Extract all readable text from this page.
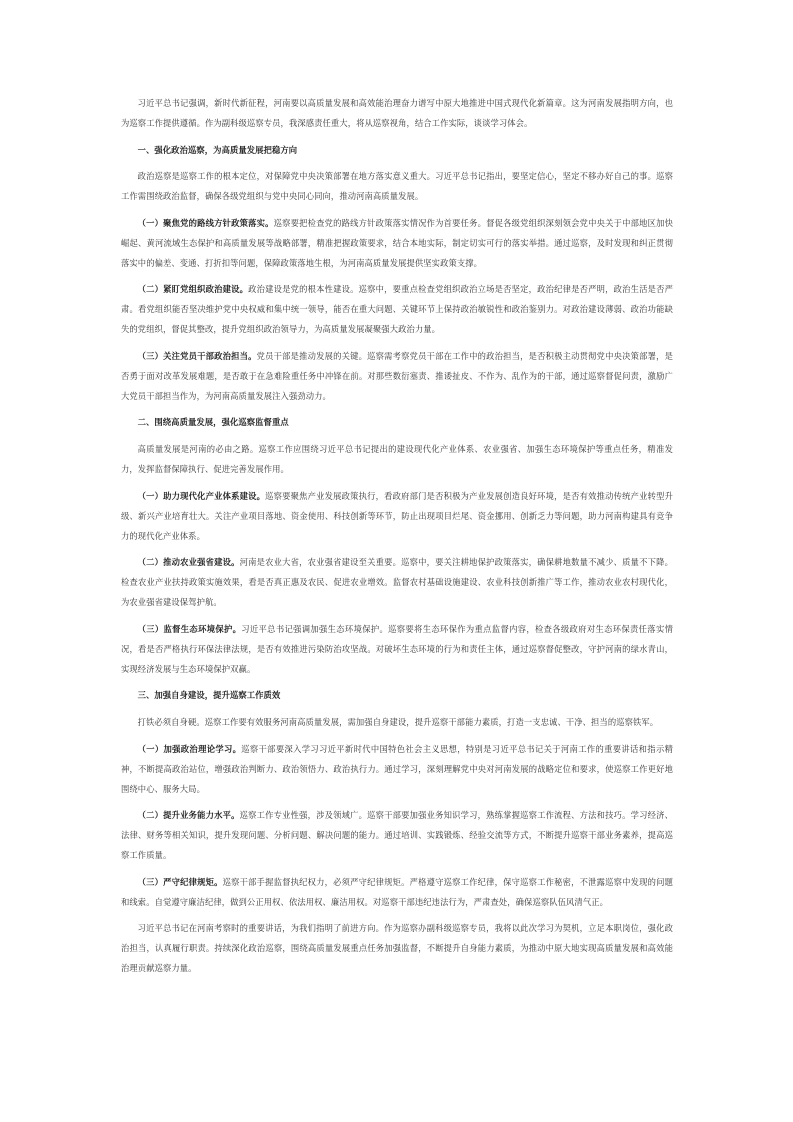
习近平总书记强调，新时代新征程，河南要以高质量发展和高效能治理奋力谱写中原大地推进中国式现代化新篇章。这为河南发展指明方向，也为巡察工作提供遵循。作为副科级巡察专员，我深感责任重大，将从巡察视角，结合工作实际，谈谈学习体会。

一、强化政治巡察，为高质量发展把稳方向

政治巡察是巡察工作的根本定位，对保障党中央决策部署在地方落实意义重大。习近平总书记指出，要坚定信心，坚定不移办好自己的事。巡察工作需围绕政治监督，确保各级党组织与党中央同心同向，推动河南高质量发展。

（一）聚焦党的路线方针政策落实。巡察要把检查党的路线方针政策落实情况作为首要任务。督促各级党组织深刻领会党中央关于中部地区加快崛起、黄河流域生态保护和高质量发展等战略部署，精准把握政策要求，结合本地实际，制定切实可行的落实举措。通过巡察，及时发现和纠正贯彻落实中的偏差、变通、打折扣等问题，保障政策落地生根，为河南高质量发展提供坚实政策支撑。

（二）紧盯党组织政治建设。政治建设是党的根本性建设。巡察中，要重点检查党组织政治立场是否坚定，政治纪律是否严明，政治生活是否严肃。看党组织能否坚决维护党中央权威和集中统一领导，能否在重大问题、关键环节上保持政治敏锐性和政治鉴别力。对政治建设薄弱、政治功能缺失的党组织，督促其整改，提升党组织政治领导力，为高质量发展凝聚强大政治力量。

（三）关注党员干部政治担当。党员干部是推动发展的关键。巡察需考察党员干部在工作中的政治担当，是否积极主动贯彻党中央决策部署，是否勇于面对改革发展难题，是否敢于在急难险重任务中冲锋在前。对那些数衍塞责、推诿扯皮、不作为、乱作为的干部，通过巡察督促问责，激励广大党员干部担当作为，为河南高质量发展注入强劲动力。

二、围绕高质量发展，强化巡察监督重点

高质量发展是河南的必由之路。巡察工作应围绕习近平总书记提出的建设现代化产业体系、农业强省、加强生态环境保护等重点任务，精准发力，发挥监督保障执行、促进完善发展作用。

（一）助力现代化产业体系建设。巡察要聚焦产业发展政策执行，看政府部门是否积极为产业发展创造良好环境，是否有效推动传统产业转型升级、新兴产业培育壮大。关注产业项目落地、资金使用、科技创新等环节，防止出现项目烂尾、资金挪用、创新乏力等问题，助力河南构建具有竞争力的现代化产业体系。

（二）推动农业强省建设。河南是农业大省，农业强省建设至关重要。巡察中，要关注耕地保护政策落实，确保耕地数量不减少、质量不下降。检查农业产业扶持政策实施效果，看是否真正惠及农民、促进农业增效。监督农村基础设施建设、农业科技创新推广等工作，推动农业农村现代化，为农业强省建设保驾护航。

（三）监督生态环境保护。习近平总书记强调加强生态环境保护。巡察要将生态环保作为重点监督内容，检查各级政府对生态环保责任落实情况，看是否严格执行环保法律法规，是否有效推进污染防治攻坚战。对破坏生态环境的行为和责任主体，通过巡察督促整改，守护河南的绿水青山，实现经济发展与生态环境保护双赢。

三、加强自身建设，提升巡察工作质效

打铁必须自身硬。巡察工作要有效服务河南高质量发展，需加强自身建设，提升巡察干部能力素质，打造一支忠诚、干净、担当的巡察铁军。

（一）加强政治理论学习。巡察干部要深入学习习近平新时代中国特色社会主义思想，特别是习近平总书记关于河南工作的重要讲话和指示精神，不断提高政治站位，增强政治判断力、政治领悟力、政治执行力。通过学习，深刻理解党中央对河南发展的战略定位和要求，使巡察工作更好地围绕中心、服务大局。

（二）提升业务能力水平。巡察工作专业性强，涉及领域广。巡察干部要加强业务知识学习，熟练掌握巡察工作流程、方法和技巧。学习经济、法律、财务等相关知识，提升发现问题、分析问题、解决问题的能力。通过培训、实践锻炼、经验交流等方式，不断提升巡察干部业务素养，提高巡察工作质量。

（三）严守纪律规矩。巡察干部手握监督执纪权力，必须严守纪律规矩。严格遵守巡察工作纪律，保守巡察工作秘密，不泄露巡察中发现的问题和线索。自觉遵守廉洁纪律，做到公正用权、依法用权、廉洁用权。对巡察干部违纪违法行为，严肃查处，确保巡察队伍风清气正。

习近平总书记在河南考察时的重要讲话，为我们指明了前进方向。作为巡察办副科级巡察专员，我将以此次学习为契机，立足本职岗位，强化政治担当，认真履行职责。持续深化政治巡察，围绕高质量发展重点任务加强监督，不断提升自身能力素质，为推动中原大地实现高质量发展和高效能治理贡献巡察力量。
